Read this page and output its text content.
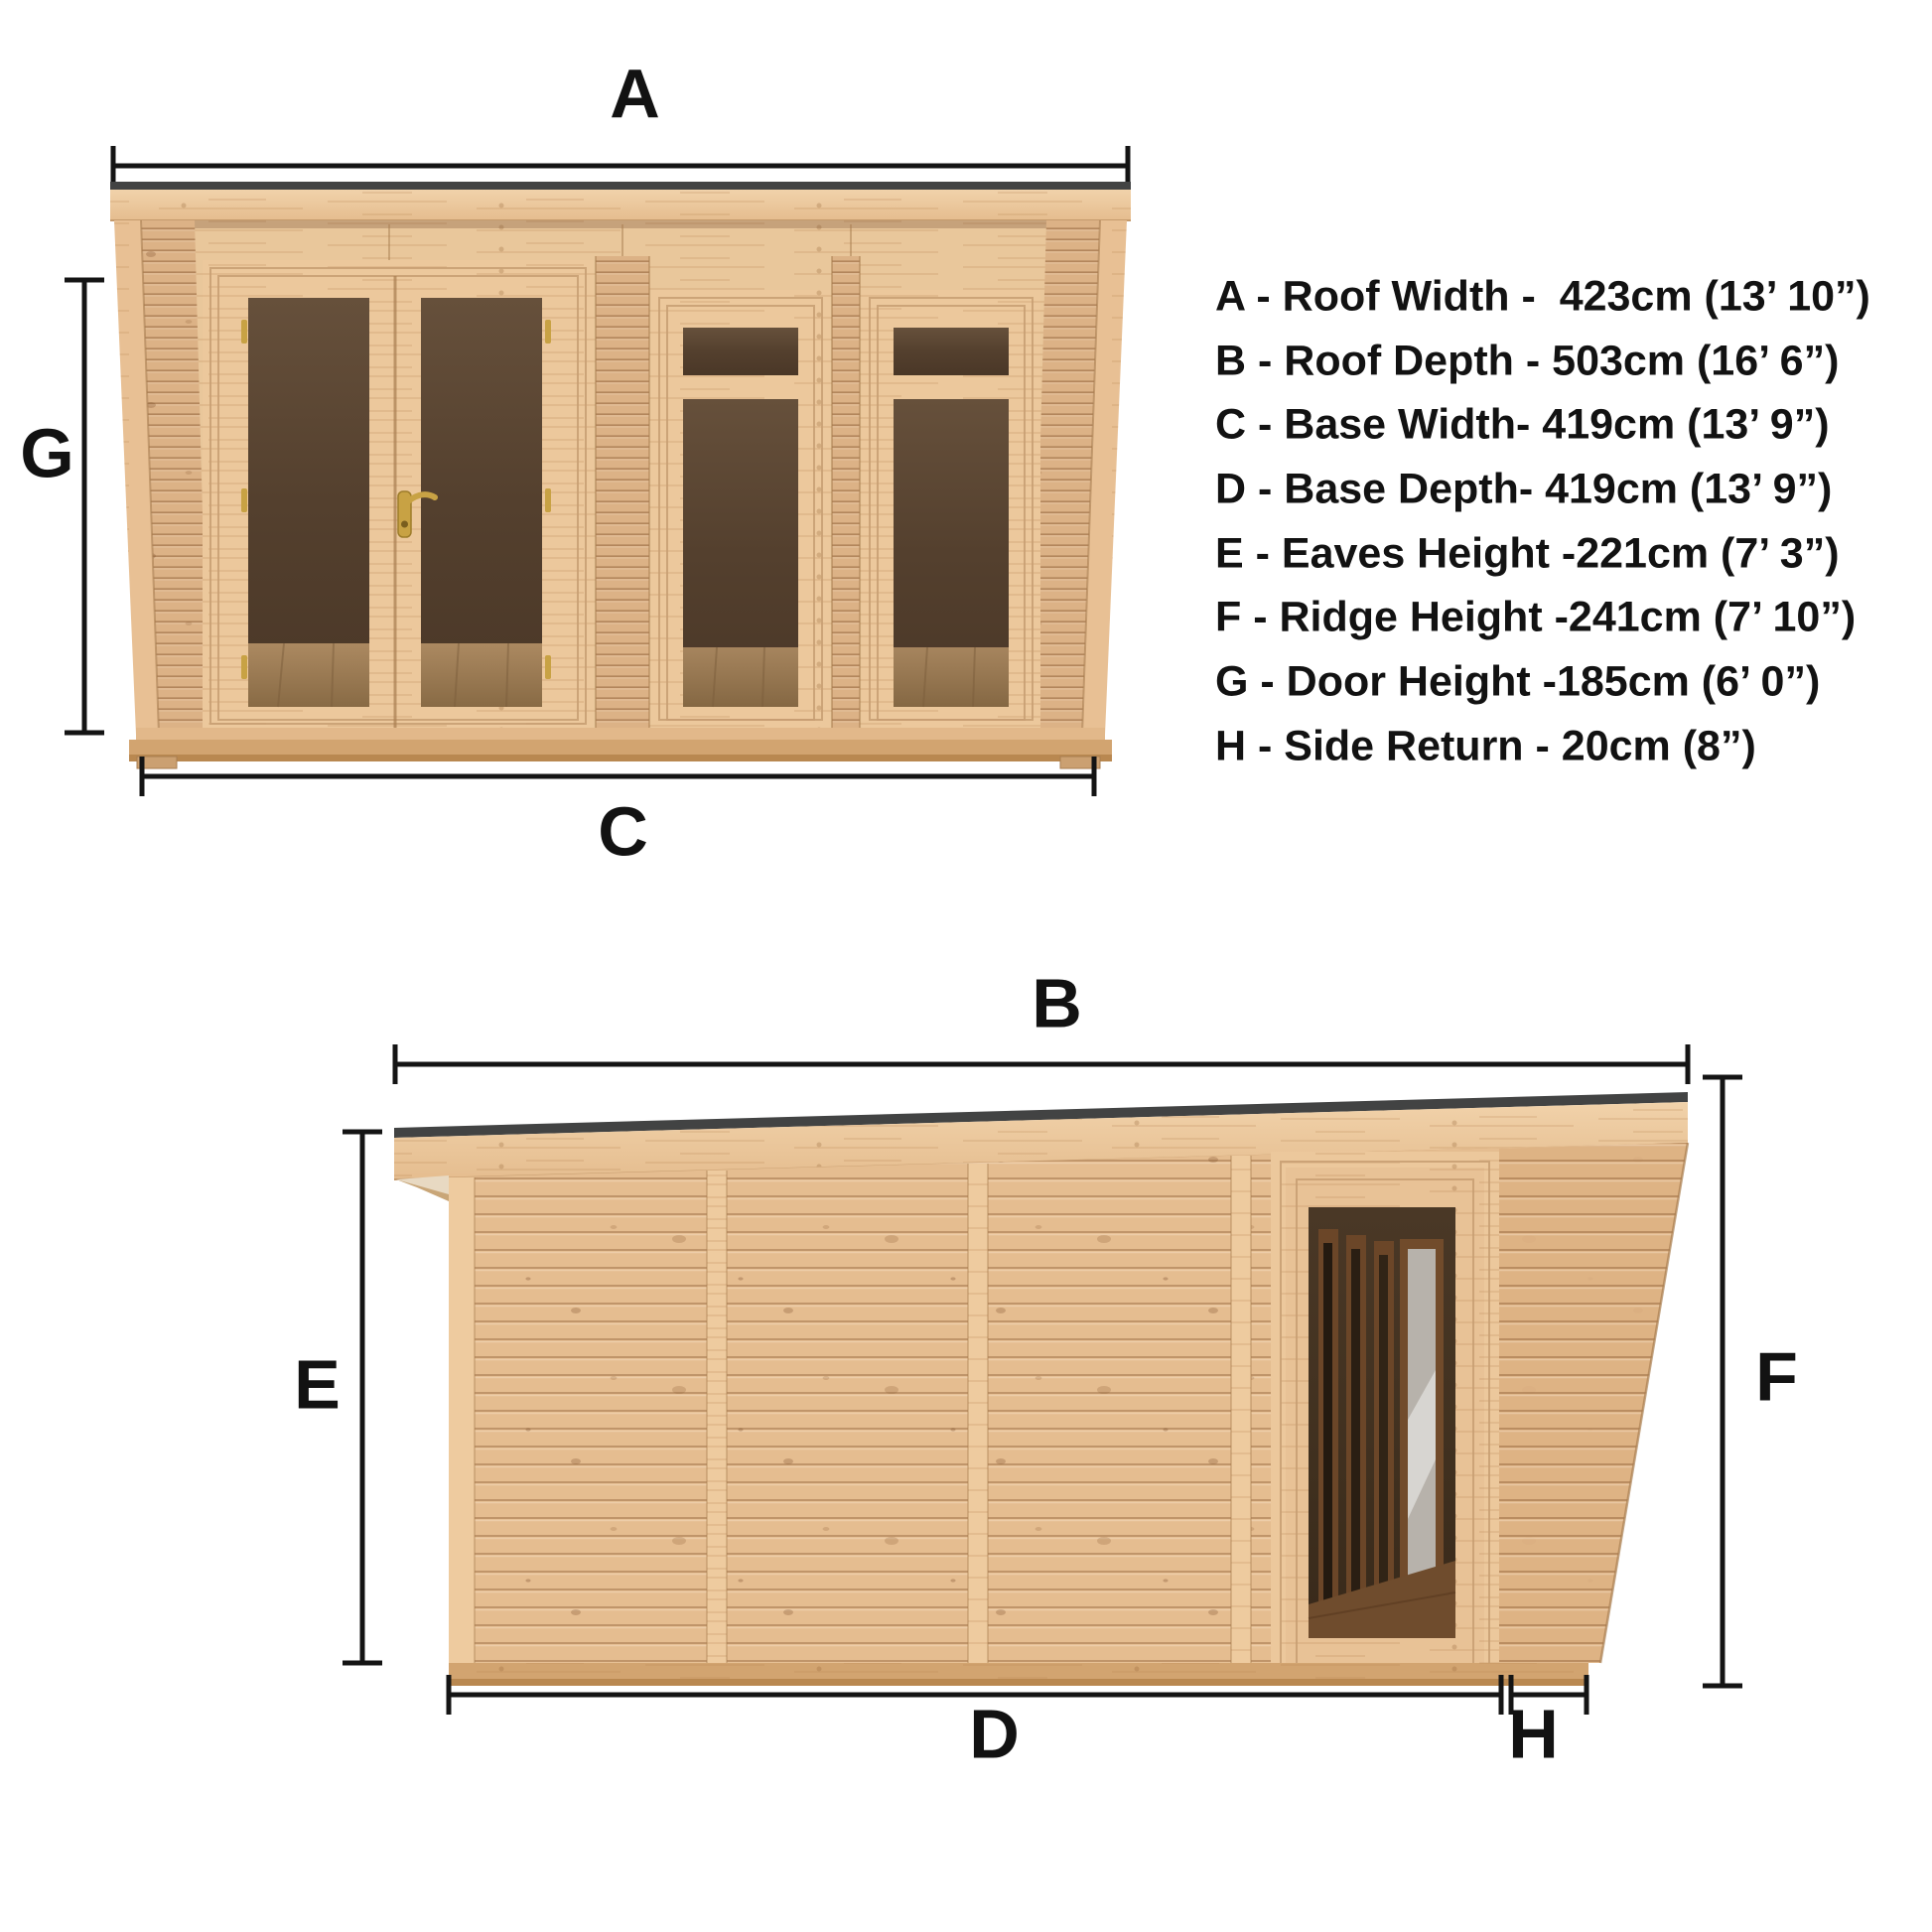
A
G
C
A - Roof Width -  423cm (13’ 10”)
B - Roof Depth - 503cm (16’ 6”)
C - Base Width- 419cm (13’ 9”)
D - Base Depth- 419cm (13’ 9”)
E - Eaves Height -221cm (7’ 3”)
F - Ridge Height -241cm (7’ 10”)
G - Door Height -185cm (6’ 0”)
H - Side Return - 20cm (8”)
B
E	F
D	H
